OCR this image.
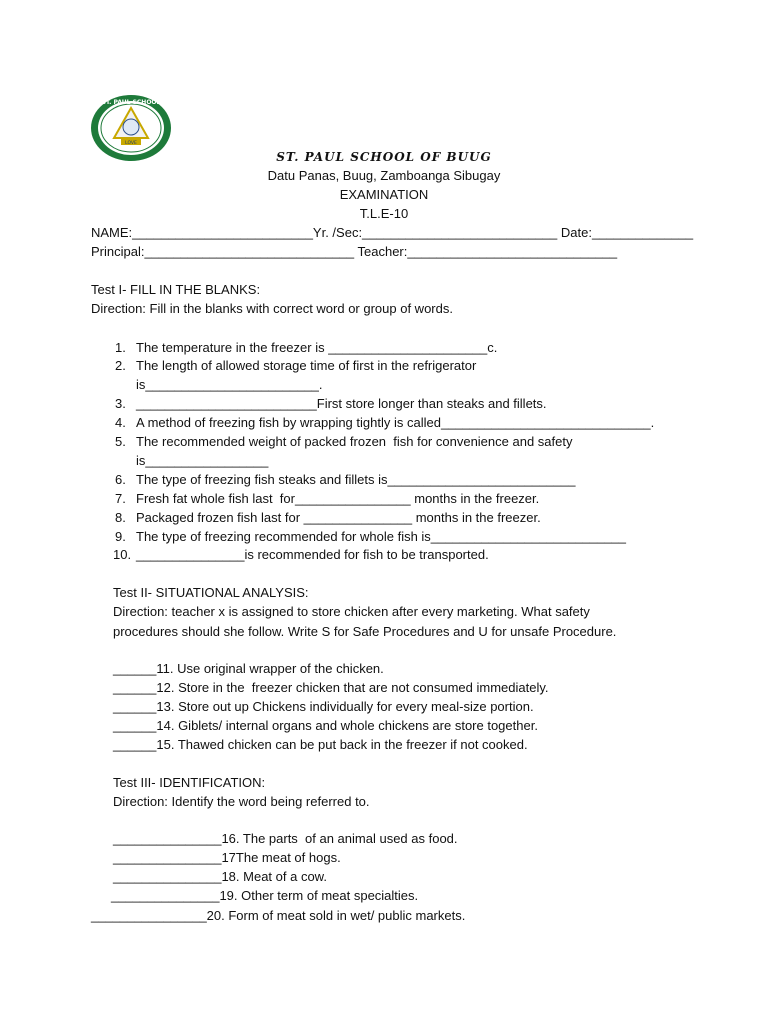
ST. PAUL SCHOOL
LOVE
ST. PAUL SCHOOL OF BUUG
Datu Panas, Buug, Zamboanga Sibugay
EXAMINATION
T.L.E-10
NAME:_________________________Yr. /Sec:___________________________ Date:______________
Principal:_____________________________ Teacher:_____________________________
Test I- FILL IN THE BLANKS:
Direction: Fill in the blanks with correct word or group of words.
1. The temperature in the freezer is ______________________c.
2. The length of allowed storage time of first in the refrigerator
is________________________.
3. _________________________First store longer than steaks and fillets.
4. A method of freezing fish by wrapping tightly is called_____________________________.
5. The recommended weight of packed frozen  fish for convenience and safety
is_________________
6. The type of freezing fish steaks and fillets is__________________________
7. Fresh fat whole fish last  for________________ months in the freezer.
8. Packaged frozen fish last for _______________ months in the freezer.
9. The type of freezing recommended for whole fish is___________________________
10. _______________is recommended for fish to be transported.
Test II- SITUATIONAL ANALYSIS:
Direction: teacher x is assigned to store chicken after every marketing. What safety
procedures should she follow. Write S for Safe Procedures and U for unsafe Procedure.
______11. Use original wrapper of the chicken.
______12. Store in the  freezer chicken that are not consumed immediately.
______13. Store out up Chickens individually for every meal-size portion.
______14. Giblets/ internal organs and whole chickens are store together.
______15. Thawed chicken can be put back in the freezer if not cooked.
Test III- IDENTIFICATION:
Direction: Identify the word being referred to.
_______________16. The parts  of an animal used as food.
_______________17The meat of hogs.
_______________18. Meat of a cow.
_______________19. Other term of meat specialties.
________________20. Form of meat sold in wet/ public markets.
